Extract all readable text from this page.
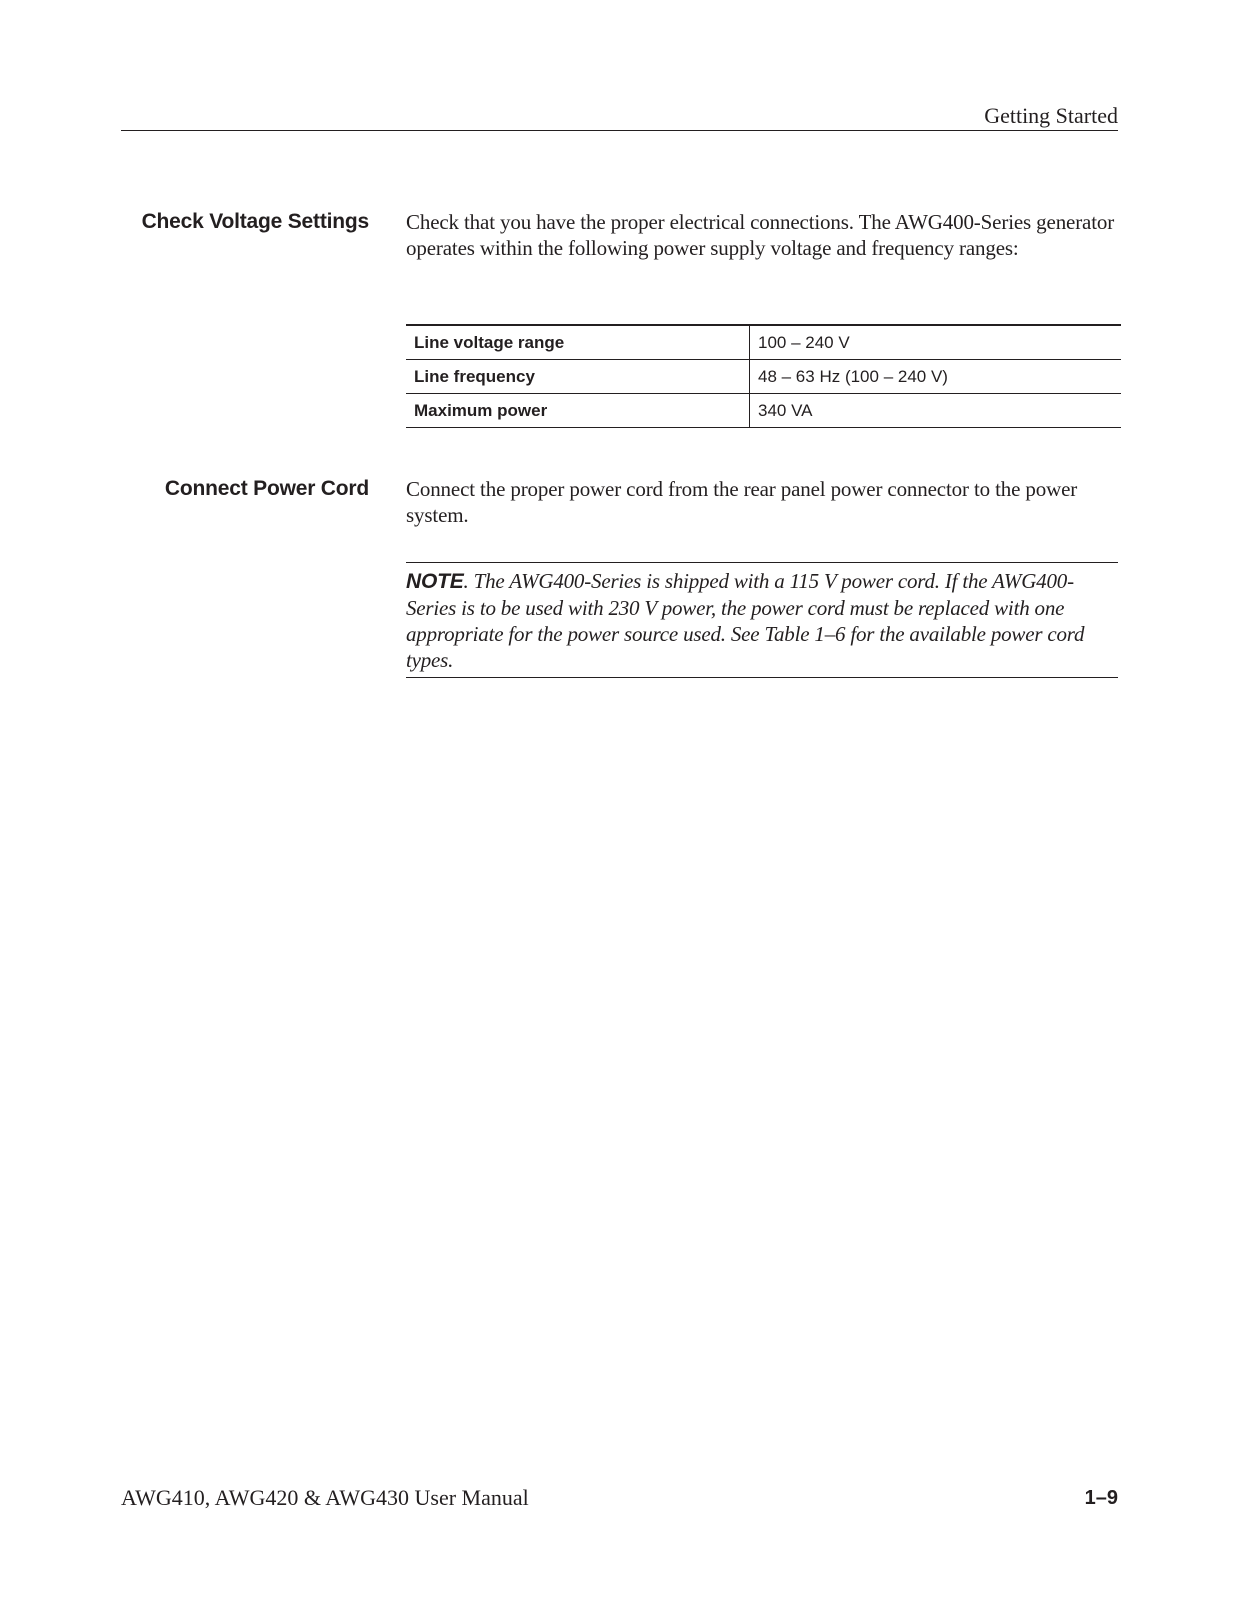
Getting Started
Check Voltage Settings Check that you have the proper electrical connections. The AWG400-Series generator operates within the following power supply voltage and frequency ranges:
Line voltage range	100 – 240 V
Line frequency	48 – 63 Hz (100 – 240 V)
Maximum power	340 VA
Connect Power Cord Connect the proper power cord from the rear panel power connector to the power system.
NOTE. The AWG400-Series is shipped with a 115 V power cord. If the AWG400-Series is to be used with 230 V power, the power cord must be replaced with one appropriate for the power source used. See Table 1–6 for the available power cord types.
AWG410, AWG420 & AWG430 User Manual	1–9
